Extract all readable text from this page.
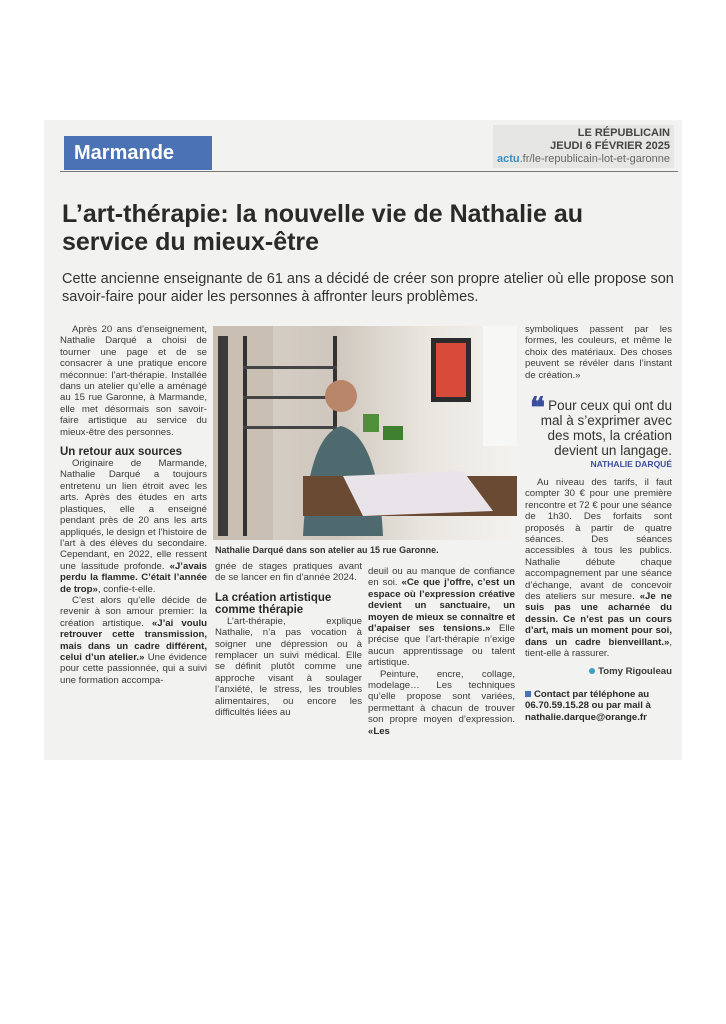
Marmande
LE RÉPUBLICAIN
JEUDI 6 FÉVRIER 2025
actu.fr/le-republicain-lot-et-garonne
L’art-thérapie: la nouvelle vie de Nathalie au service du mieux-être

Cette ancienne enseignante de 61 ans a décidé de créer son propre atelier où elle propose son savoir-faire pour aider les personnes à affronter leurs problèmes.

Après 20 ans d’enseignement, Nathalie Darqué a choisi de tourner une page et de se consacrer à une pratique encore méconnue: l’art-thérapie. Installée dans un atelier qu’elle a aménagé au 15 rue Garonne, à Marmande, elle met désormais son savoir-faire artistique au service du mieux-être des personnes.

Un retour aux sources

Originaire de Marmande, Nathalie Darqué a toujours entretenu un lien étroit avec les arts. Après des études en arts plastiques, elle a enseigné pendant près de 20 ans les arts appliqués, le design et l’histoire de l’art à des élèves du secondaire. Cependant, en 2022, elle ressent une lassitude profonde. «J’avais perdu la flamme. C’était l’année de trop», confie-t-elle.

C’est alors qu’elle décide de revenir à son amour premier: la création artistique. «J’ai voulu retrouver cette transmission, mais dans un cadre différent, celui d’un atelier.» Une évidence pour cette passionnée, qui a suivi une formation accompa-

Nathalie Darqué dans son atelier au 15 rue Garonne.

gnée de stages pratiques avant de se lancer en fin d’année 2024.

La création artistique comme thérapie

L’art-thérapie, explique Nathalie, n’a pas vocation à soigner une dépression ou à remplacer un suivi médical. Elle se définit plutôt comme une approche visant à soulager l’anxiété, le stress, les troubles alimentaires, ou encore les difficultés liées au

deuil ou au manque de confiance en soi. «Ce que j’offre, c’est un espace où l’expression créative devient un sanctuaire, un moyen de mieux se connaître et d’apaiser ses tensions.» Elle précise que l’art-thérapie n’exige aucun apprentissage ou talent artistique.

Peinture, encre, collage, modelage… Les techniques qu’elle propose sont variées, permettant à chacun de trouver son propre moyen d’expression. «Les

symboliques passent par les formes, les couleurs, et même le choix des matériaux. Des choses peuvent se révéler dans l’instant de création.»

❝ Pour ceux qui ont du mal à s’exprimer avec des mots, la création devient un langage.

NATHALIE DARQUÉ

Au niveau des tarifs, il faut compter 30 € pour une première rencontre et 72 € pour une séance de 1h30. Des forfaits sont proposés à partir de quatre séances. Des séances accessibles à tous les publics. Nathalie débute chaque accompagnement par une séance d’échange, avant de concevoir des ateliers sur mesure. «Je ne suis pas une acharnée du dessin. Ce n’est pas un cours d’art, mais un moment pour soi, dans un cadre bienveillant.», tient-elle à rassurer.

Tomy Rigouleau
Contact par téléphone au 06.70.59.15.28 ou par mail à nathalie.darque@orange.fr
